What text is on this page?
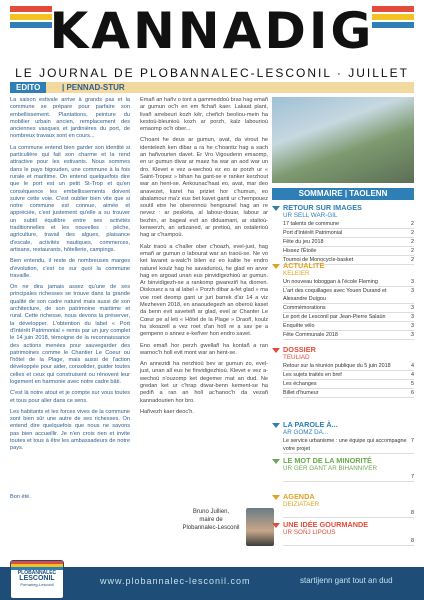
KANNADIG
LE JOURNAL DE PLOBANNALEC-LESCONIL · JUILLET
EDITO	| PENNAD-STUR

La saison estivale arrive à grands pas et la commune se prépare pour parfaire son embellissement. Plantations, peinture du mobilier urbain ancien, remplacement des anciennes vasques et jardinières du port, de nombreux travaux sont en cours...

La commune entend bien garder son identité si particulière qui fait son charme et la rend attractive pour les estivants. Nous sommes dans le pays bigouden, une commune à la fois rurale et maritime. On entend quelquefois dire que le port est un petit St-Trop et qu'en conséquence les embellissements doivent suivre cette voie. C'est oublier bien vite que si notre commune est connue, aimée et appréciée, c'est justement qu'elle a su trouver un subtil équilibre entre ses activités traditionnelles et les nouvelles : pêche, agriculture, travail des algues, plaisance d'escale, activités nautiques, commerces, artisans, restaurants, hôtellerie, campings.

Bien entendu, il reste de nombreuses marges d'évolution, c'est ce sur quoi la commune travaille.

On ne dira jamais assez qu'une de ses principales richesses se trouve dans la grande qualité de son cadre naturel mais aussi de son architecture, de son patrimoine maritime et rural. Cette richesse, nous devons la préserver, la développer. L'obtention du label « Port d'Intérêt Patrimonial » remis par un jury complet le 14 juin 2018, témoigne de la reconnaissance des actions menées pour sauvegarder des patrimoines comme le Chantier Le Coeur ou l'hôtel de la Plage, mais aussi de l'action développée pour aider, consolider, guider toutes celles et ceux qui construisent ou rénovent leur logement en harmonie avec notre cadre bâti.

C'est là notre atout et je compte sur vous toutes et tous pour aller dans ce sens.

Les habitants et les forces vives de la commune sont bien sûr une autre de ses richesses. On entend dire quelquefois que nous ne savons pas bien accueillir. Je n'en crois rien et invite toutes et tous à être les ambassadeurs de notre pays.

Bon été.

Emañ an hañv o tont a gammeddoù bras hag emañ ar gumun oc'h en em fichañ kaer. Lakaat plant, livañ arrebeuri kozh kêr, cheñch beoliou-mein ha kestoù-bleunioù kozh ar porzh, kalz labourioù emaomp oc'h ober...

C'hoant he deus ar gumun, avat, da virout he identelezh ken dibar a ra he c'hoantiz hag a sach an hañvourien davet. Er Vro Vigoudenn emaomp, en ur gumun divar ar maez ha war an aod war un dro. Klevet e vez a-wechoù ez eo ar porzh ur « Saint-Tropez » bihan ha gant-se e ranker kerzhout war an hent-se. Ankounac'haat eo, avat, mar deo anavezet, karet ha priziet hor c'humun, eo abalamour ma'z eus bet kavet ganti ur c'hempouez soutil etre he oberennoù hengounel hag an re nevez : ar pesketa, al labour-douar, labour ar bezhin, ar bageal evit an diduamant, ar stalioù-kenwerzh, an artizaned, ar pretioù, an ostalerioù hag ar c'hampoù.

Kalz traoù a c'haller ober c'hoazh, evel-just, hag emañ ar gumun o labourat war an traoù-se. Ne vo ket lavaret a-walc'h bilen ez eo kalite he endro naturel koulz hag he savadurioù, he glad en arvor hag en argoad unan eus pinvidigezhioù ar gumun. Ar binvidigezh-se a rankomp gwareziñ ha diorren. Diskouez a ra al label « Porzh dibar a-fet glad » ma voe roet deomp gant ur juri barrek d'ar 14 a viz Mezheven 2018, en anaoudegezh an oberoù kaset da benn evit saveteiñ ar glad, evel ar Chanter Le Cœur pe al leti « Hôtel de la Plage » Draoñ, koulz ha skoazell a vez roet d'an holl re a sav pe a gempenn o annez e-keñver hon endro savet.

Eno emañ hor perzh gwellañ ha kontañ a ran warnoc'h holl evit mont war an hent-se.

An annezidi ha nerzhioù bev ar gumun zo, evel-just, unan all eus he finvidigezhioù. Klevet e vez a-wechoù n'ouzomp ket degemer mat an dud. Ne gredan ket ur c'hrap diwar-benn kement-se ha pediñ a ran an holl ac'hanoc'h da vezañ kannadourien hor bro.

Hañvezh kaer deoc'h.

Bruno Jullien,
maire de
Plobannalec-Lesconil
SOMMAIRE | TAOLENN
RETOUR SUR IMAGES
UR SELL WAR-GIL
17 talents de commune	2
Port d'Intérêt Patrimonial	2
Fête du jeu 2018	2
Hissez l'Étoile	2
Tournoi de Monocycle-basket	2
ACTUALITÉ
KELEIER
Un nouveau toboggan à l'école Fleming	3
L'art des coquillages avec Youen Durand et Alexandre Duigou
3
Commémorations	3
Le port de Lesconil par Jean-Pierre Salaün	3
Enquête vélo	3
Fête Communale 2018	3
DOSSIER
TEULIAD
Retour sur la réunion publique du 5 juin 2018	4
Les sujets traités en bref	4
Les échanges	5
Billet d'humeur	6
LA PAROLE À...
AR GOMZ DA...
Le service urbanisme : une équipe qui accompagne votre projet
7
LE MOT DE LA MINORITÉ
UR GER GANT AR BIHANNIVER
7
AGENDA
DEIZIATAER
8
UNE IDÉE GOURMANDE
UR SOÑJ LIPOUS
8
PLOBANNALEC
LESCONIL
Pornaneg-Lesconil	www.plobannalec-lesconil.com	startijenn gant tout an dud
